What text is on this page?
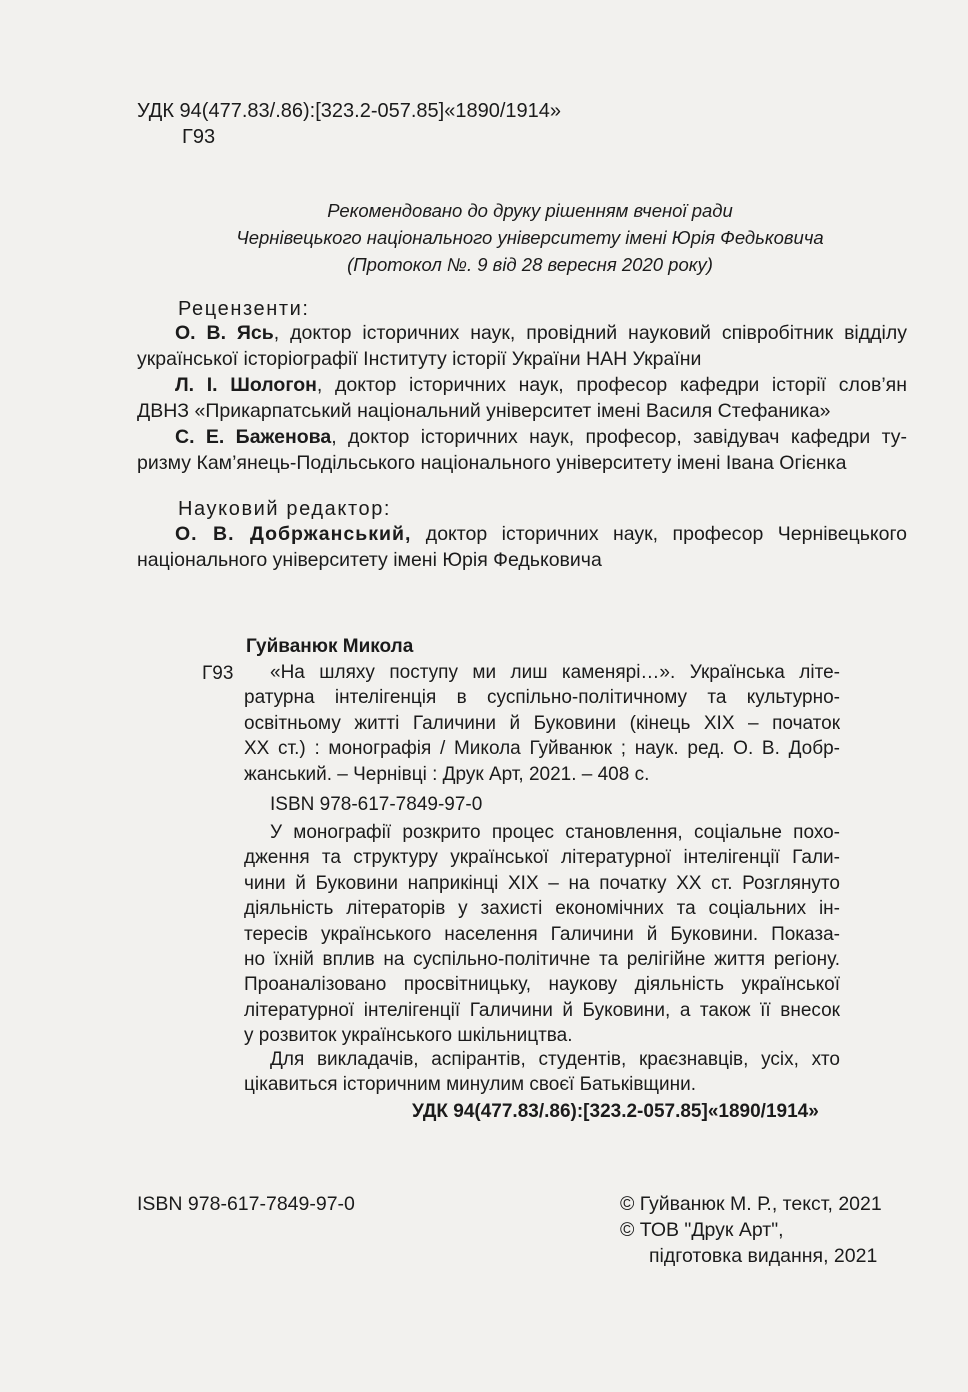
УДК 94(477.83/.86):[323.2-057.85]«1890/1914»
Г93
Рекомендовано до друку рішенням вченої ради
Чернівецького національного університету імені Юрія Федьковича
(Протокол №. 9 від 28 вересня 2020 року)
Рецензенти:
О. В. Ясь, доктор історичних наук, провідний науковий співробітник відділу
української історіографії Інституту історії України НАН України
Л. І. Шологон, доктор історичних наук, професор кафедри історії слов’ян
ДВНЗ «Прикарпатський національний університет імені Василя Стефаника»
С. Е. Баженова, доктор історичних наук, професор, завідувач кафедри ту-
ризму Кам’янець-Подільського національного університету імені Івана Огієнка
Науковий редактор:
О. В. Добржанський, доктор історичних наук, професор Чернівецького
національного університету імені Юрія Федьковича
Гуйванюк Микола
Г93	«На шляху поступу ми лиш каменярі…». Українська літе-
ратурна інтелігенція в суспільно-політичному та культурно-
освітньому житті Галичини й Буковини (кінець ХІХ – початок
ХХ ст.) : монографія / Микола Гуйванюк ; наук. ред. О. В. Добр-
жанський. – Чернівці : Друк Арт, 2021. – 408 с.
ISBN 978-617-7849-97-0
У монографії розкрито процес становлення, соціальне похо-
дження та структуру української літературної інтелігенції Гали-
чини й Буковини наприкінці ХІХ – на початку ХХ ст. Розглянуто
діяльність літераторів у захисті економічних та соціальних ін-
тересів українського населення Галичини й Буковини. Показа-
но їхній вплив на суспільно-політичне та релігійне життя регіону.
Проаналізовано просвітницьку, наукову діяльність української
літературної інтелігенції Галичини й Буковини, а також її внесок
у розвиток українського шкільництва.
Для викладачів, аспірантів, студентів, краєзнавців, усіх, хто
цікавиться історичним минулим своєї Батьківщини.
УДК 94(477.83/.86):[323.2-057.85]«1890/1914»
ISBN 978-617-7849-97-0	© Гуйванюк М. Р., текст, 2021
© ТОВ "Друк Арт",
підготовка видання, 2021
